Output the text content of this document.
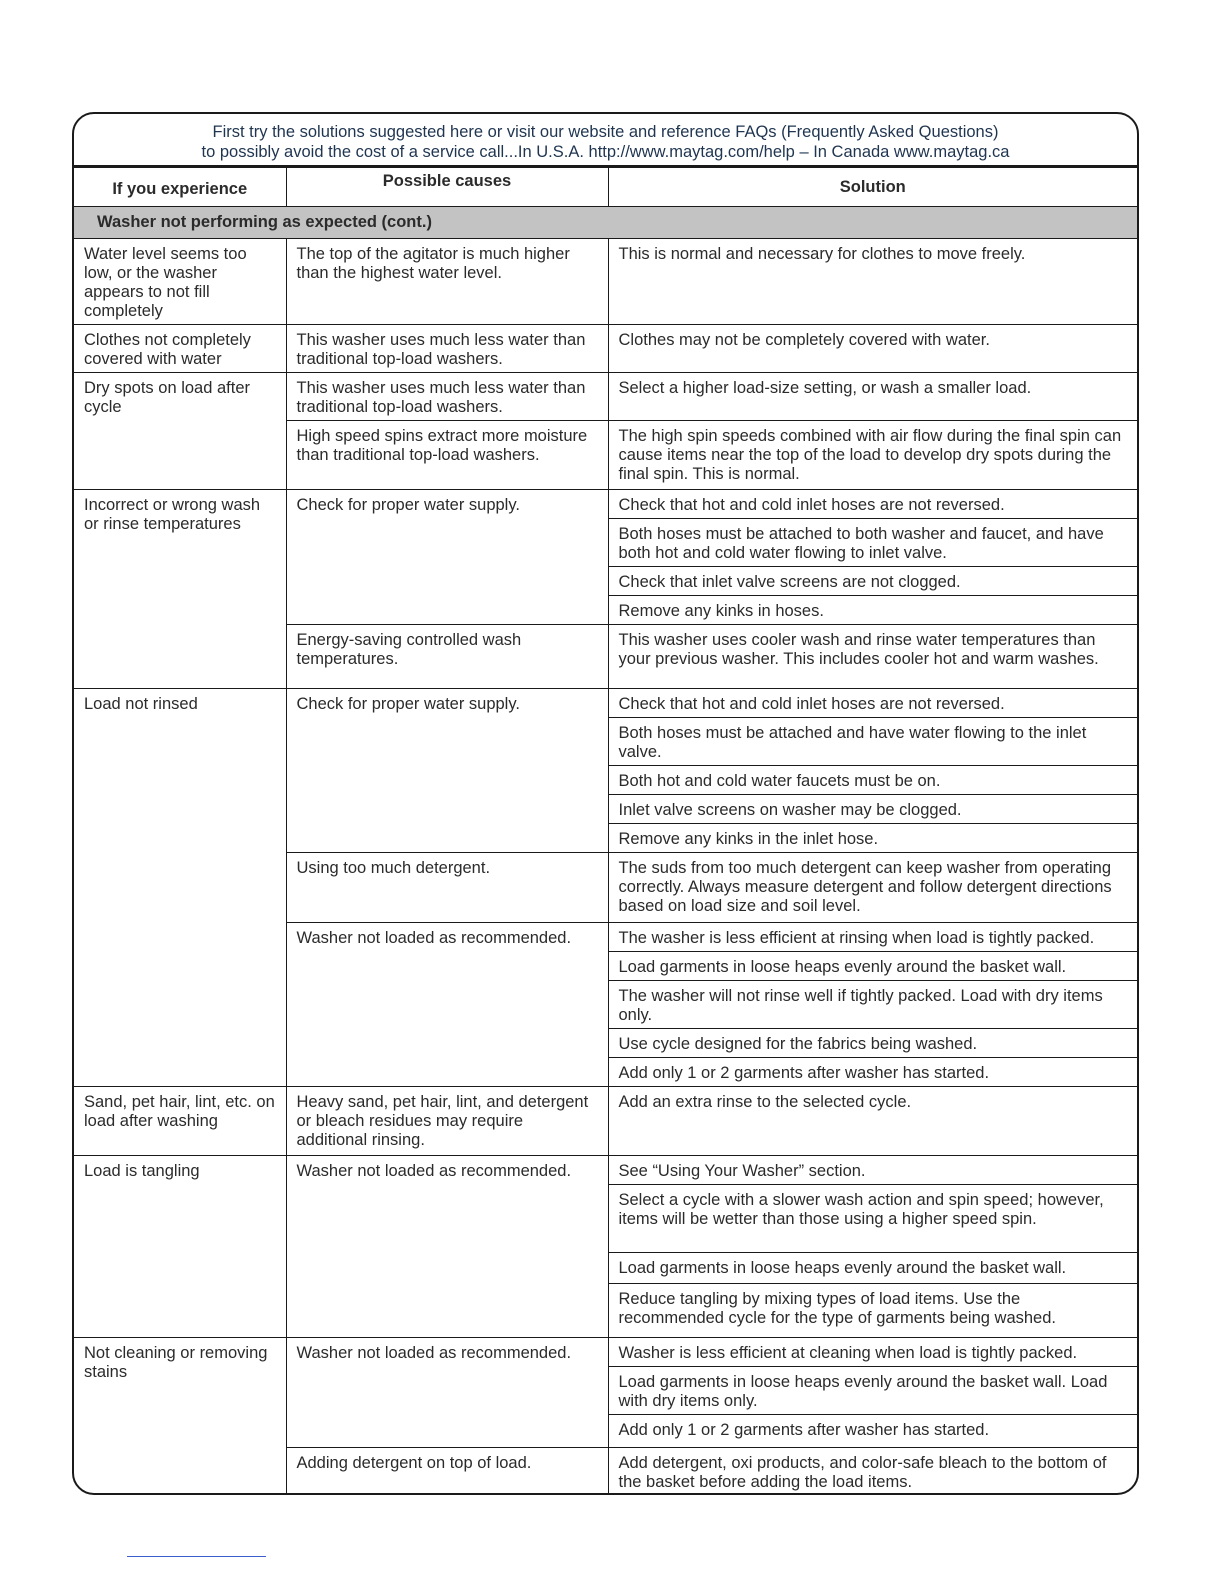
First try the solutions suggested here or visit our website and reference FAQs (Frequently Asked Questions)
to possibly avoid the cost of a service call...In U.S.A. http://www.maytag.com/help – In Canada www.maytag.ca
If you experience	Possible causes	Solution
Washer not performing as expected (cont.)		
Water level seems too low, or the washer appears to not fill completely	The top of the agitator is much higher than the highest water level.	This is normal and necessary for clothes to move freely.
Clothes not completely covered with water	This washer uses much less water than traditional top-load washers.	Clothes may not be completely covered with water.
Dry spots on load after cycle	This washer uses much less water than traditional top-load washers.	Select a higher load-size setting, or wash a smaller load.
	High speed spins extract more moisture than traditional top-load washers.	The high spin speeds combined with air flow during the final spin can cause items near the top of the load to develop dry spots during the final spin. This is normal.
Incorrect or wrong wash or rinse temperatures	Check for proper water supply.	Check that hot and cold inlet hoses are not reversed.
		Both hoses must be attached to both washer and faucet, and have both hot and cold water flowing to inlet valve.
		Check that inlet valve screens are not clogged.
		Remove any kinks in hoses.
	Energy-saving controlled wash temperatures.	This washer uses cooler wash and rinse water temperatures than your previous washer. This includes cooler hot and warm washes.
Load not rinsed	Check for proper water supply.	Check that hot and cold inlet hoses are not reversed.
		Both hoses must be attached and have water flowing to the inlet valve.
		Both hot and cold water faucets must be on.
		Inlet valve screens on washer may be clogged.
		Remove any kinks in the inlet hose.
	Using too much detergent.	The suds from too much detergent can keep washer from operating correctly. Always measure detergent and follow detergent directions based on load size and soil level.
	Washer not loaded as recommended.	The washer is less efficient at rinsing when load is tightly packed.
		Load garments in loose heaps evenly around the basket wall.
		The washer will not rinse well if tightly packed. Load with dry items only.
		Use cycle designed for the fabrics being washed.
		Add only 1 or 2 garments after washer has started.
Sand, pet hair, lint, etc. on load after washing	Heavy sand, pet hair, lint, and detergent or bleach residues may require additional rinsing.	Add an extra rinse to the selected cycle.
Load is tangling	Washer not loaded as recommended.	See “Using Your Washer” section.
		Select a cycle with a slower wash action and spin speed; however, items will be wetter than those using a higher speed spin.
		Load garments in loose heaps evenly around the basket wall.
		Reduce tangling by mixing types of load items. Use the recommended cycle for the type of garments being washed.
Not cleaning or removing stains	Washer not loaded as recommended.	Washer is less efficient at cleaning when load is tightly packed.
		Load garments in loose heaps evenly around the basket wall. Load with dry items only.
		Add only 1 or 2 garments after washer has started.
	Adding detergent on top of load.	Add detergent, oxi products, and color-safe bleach to the bottom of the basket before adding the load items.
